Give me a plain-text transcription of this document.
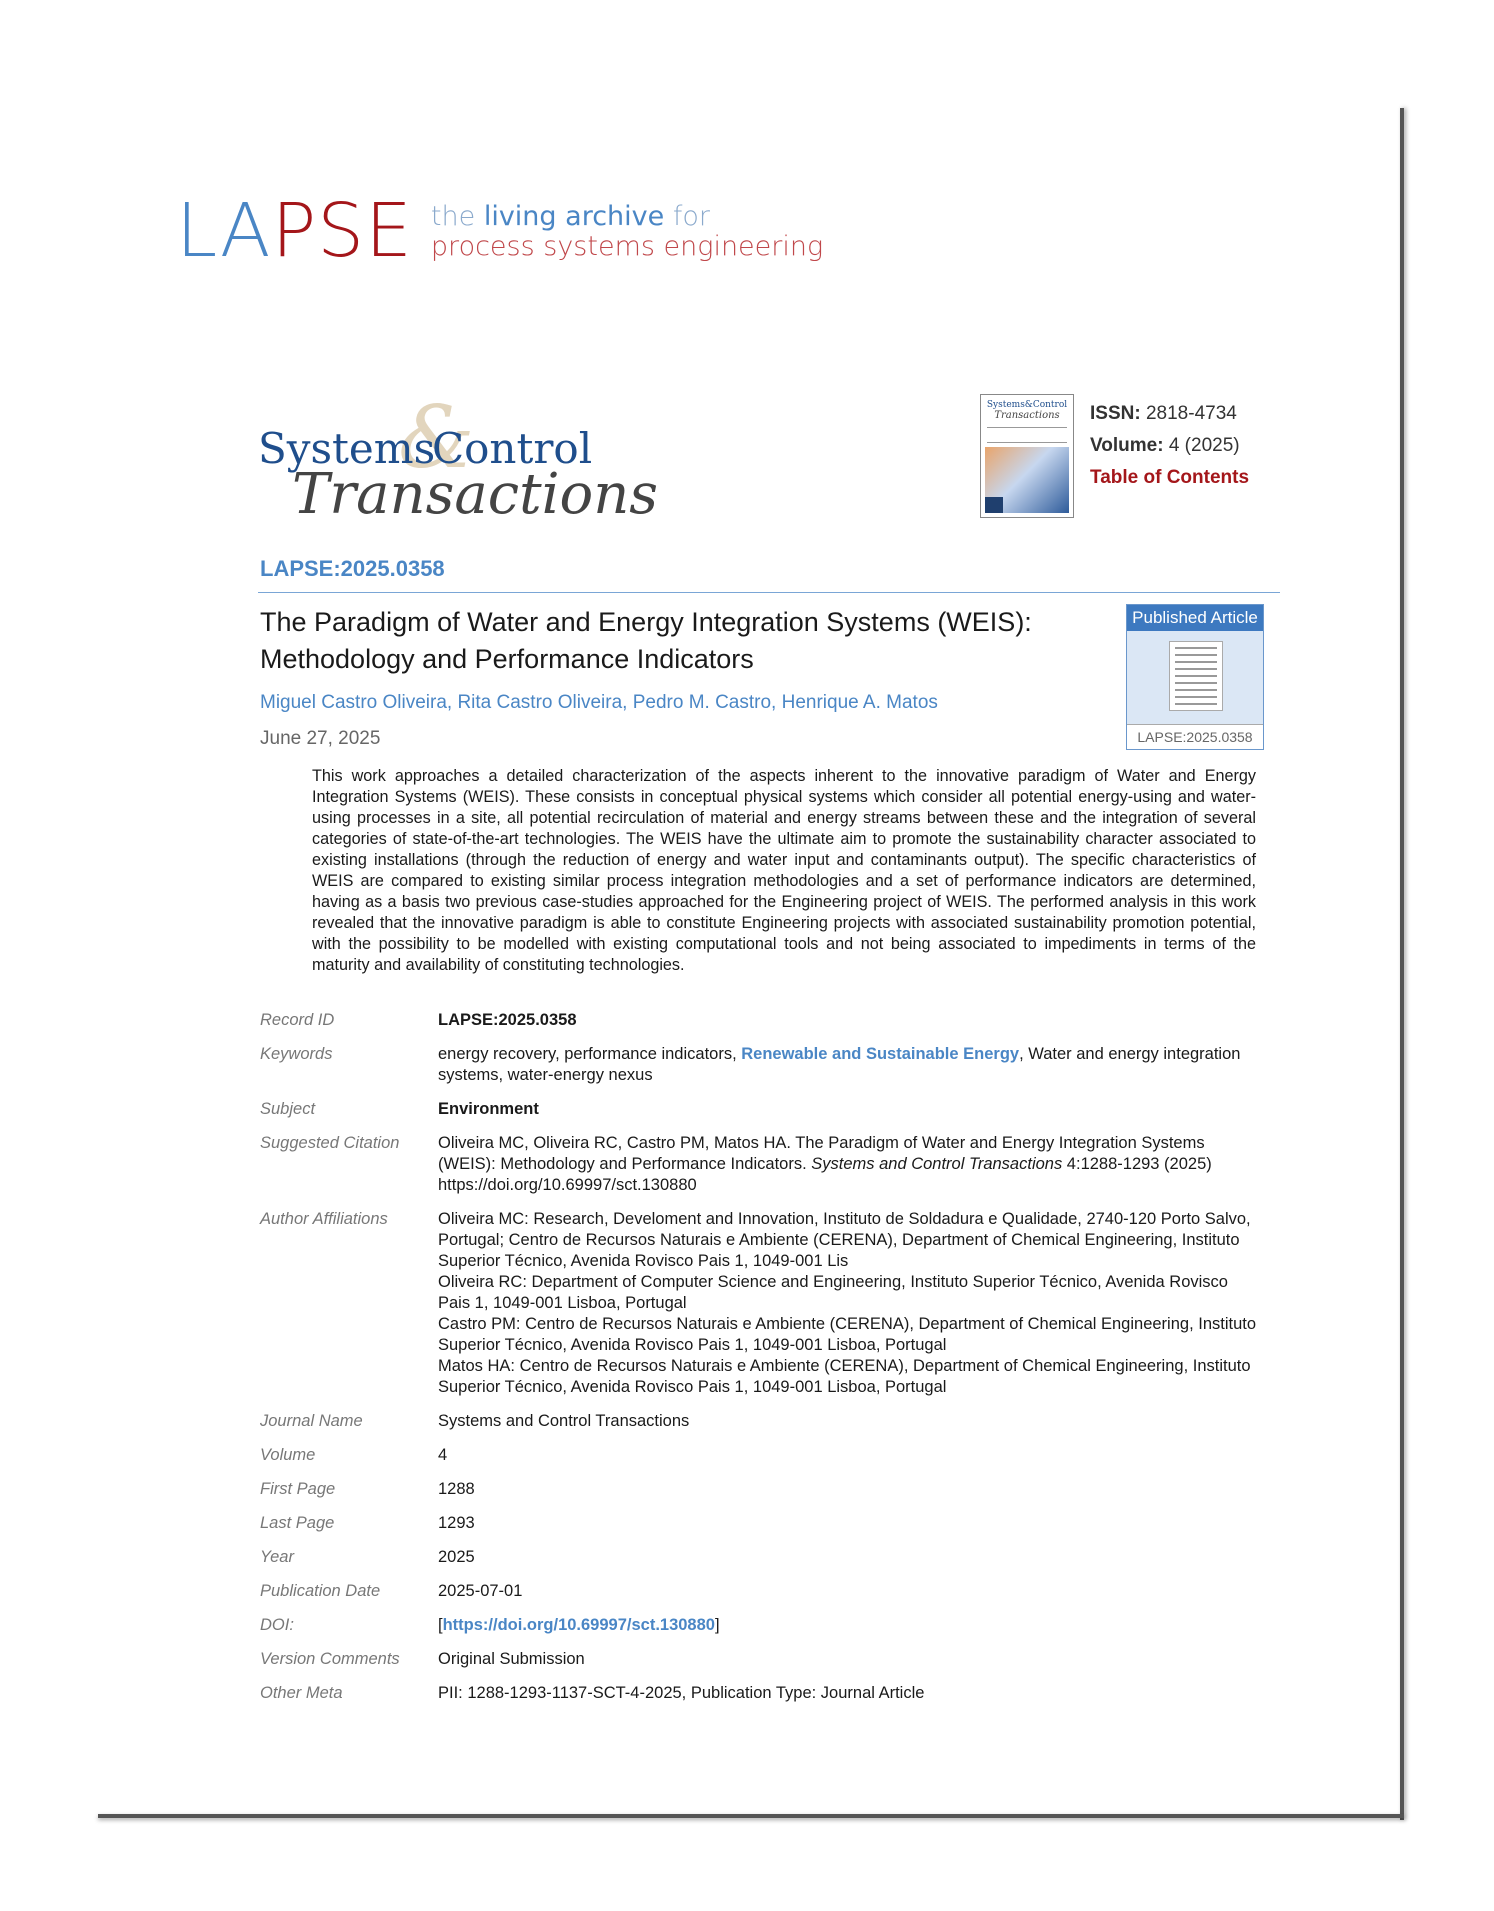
LAPSE the living archive for
process systems engineering
&
Systems
Control
Transactions
Systems&Control
Transactions	ISSN: 2818-4734
Volume: 4 (2025)
Table of Contents
LAPSE:2025.0358
The Paradigm of Water and Energy Integration Systems (WEIS): Methodology and Performance Indicators
Miguel Castro Oliveira, Rita Castro Oliveira, Pedro M. Castro, Henrique A. Matos
June 27, 2025
Published Article
LAPSE:2025.0358
This work approaches a detailed characterization of the aspects inherent to the innovative paradigm of Water and Energy Integration Systems (WEIS). These consists in conceptual physical systems which consider all potential energy-using and water-using processes in a site, all potential recirculation of material and energy streams between these and the integration of several categories of state-of-the-art technologies. The WEIS have the ultimate aim to promote the sustainability character associated to existing installations (through the reduction of energy and water input and contaminants output). The specific characteristics of WEIS are compared to existing similar process integration methodologies and a set of performance indicators are determined, having as a basis two previous case-studies approached for the Engineering project of WEIS. The performed analysis in this work revealed that the innovative paradigm is able to constitute Engineering projects with associated sustainability promotion potential, with the possibility to be modelled with existing computational tools and not being associated to impediments in terms of the maturity and availability of constituting technologies.
Record ID	LAPSE:2025.0358
Keywords	energy recovery, performance indicators, Renewable and Sustainable Energy, Water and energy integration systems, water-energy nexus
Subject	Environment
Suggested Citation	Oliveira MC, Oliveira RC, Castro PM, Matos HA. The Paradigm of Water and Energy Integration Systems (WEIS): Methodology and Performance Indicators. Systems and Control Transactions 4:1288-1293 (2025) https://doi.org/10.69997/sct.130880
Author Affiliations	Oliveira MC: Research, Develoment and Innovation, Instituto de Soldadura e Qualidade, 2740-120 Porto Salvo, Portugal; Centro de Recursos Naturais e Ambiente (CERENA), Department of Chemical Engineering, Instituto Superior Técnico, Avenida Rovisco Pais 1, 1049-001 Lis
Oliveira RC: Department of Computer Science and Engineering, Instituto Superior Técnico, Avenida Rovisco Pais 1, 1049-001 Lisboa, Portugal
Castro PM: Centro de Recursos Naturais e Ambiente (CERENA), Department of Chemical Engineering, Instituto Superior Técnico, Avenida Rovisco Pais 1, 1049-001 Lisboa, Portugal
Matos HA: Centro de Recursos Naturais e Ambiente (CERENA), Department of Chemical Engineering, Instituto Superior Técnico, Avenida Rovisco Pais 1, 1049-001 Lisboa, Portugal
Journal Name	Systems and Control Transactions
Volume	4
First Page	1288
Last Page	1293
Year	2025
Publication Date	2025-07-01
DOI:	[https://doi.org/10.69997/sct.130880]
Version Comments	Original Submission
Other Meta	PII: 1288-1293-1137-SCT-4-2025, Publication Type: Journal Article
